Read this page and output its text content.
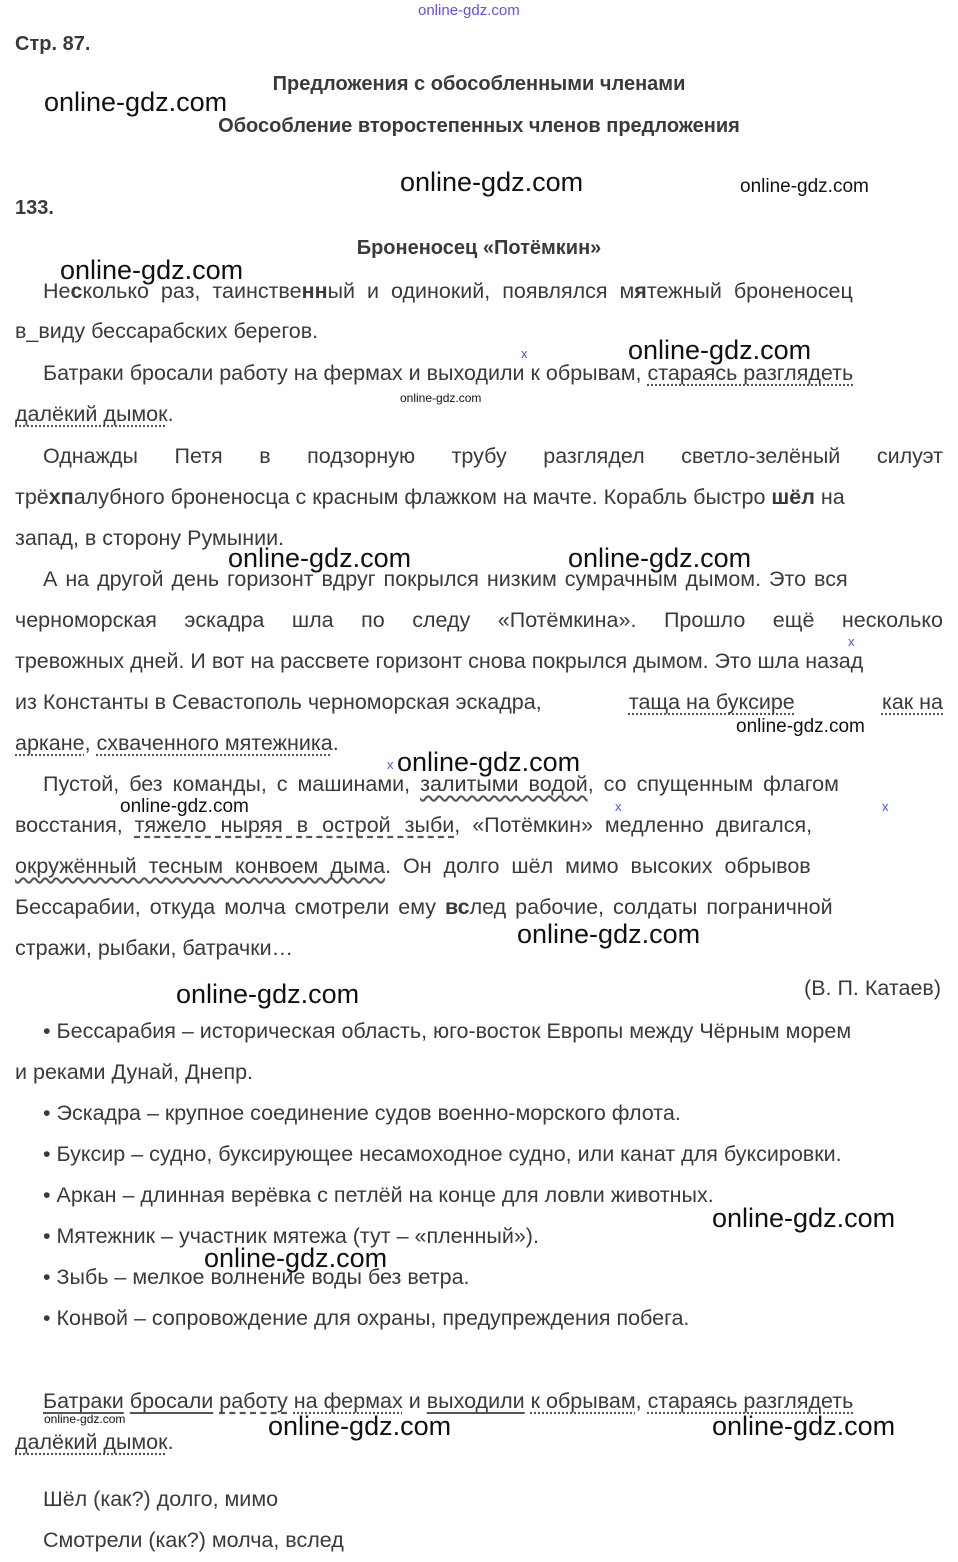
online-gdz.com
Стр. 87.
Предложения с обособленными членами
Обособление второстепенных членов предложения
133.
Броненосец «Потёмкин»
Несколько раз, таинственный и одинокий, появлялся мятежный броненосец
в_виду бессарабских берегов.
x
Батраки бросали работу на фермах и выходили к обрывам, стараясь разглядеть
далёкий дымок.
Однажды Петя в подзорную трубу разглядел светло-зелёный силуэт
трёхпалубного броненосца с красным флажком на мачте. Корабль быстро шёл на
запад, в сторону Румынии.
А на другой день горизонт вдруг покрылся низким сумрачным дымом. Это вся
черноморская эскадра шла по следу «Потёмкина». Прошло ещё несколько
x
тревожных дней. И вот на рассвете горизонт снова покрылся дымом. Это шла назад
из Константы в Севастополь черноморская эскадра,	таща на буксире	как на
аркане, схваченного мятежника.
x
Пустой, без команды, с машинами, залитыми водой, со спущенным флагом
x	x
восстания, тяжело ныряя в острой зыби,  «Потёмкин»  медленно  двигался,
окружённый тесным конвоем дыма.  Он  долго  шёл  мимо  высоких  обрывов
Бессарабии, откуда молча смотрели ему вслед рабочие, солдаты пограничной
стражи, рыбаки, батрачки…
(В. П. Катаев)
• Бессарабия – историческая область, юго-восток Европы между Чёрным морем
и реками Дунай, Днепр.
• Эскадра – крупное соединение судов военно-морского флота.
• Буксир – судно, буксирующее несамоходное судно, или канат для буксировки.
• Аркан – длинная верёвка с петлёй на конце для ловли животных.
• Мятежник – участник мятежа (тут – «пленный»).
• Зыбь – мелкое волнение воды без ветра.
• Конвой – сопровождение для охраны, предупреждения побега.
Батраки бросали работу на фермах и выходили к обрывам, стараясь разглядеть
далёкий дымок.
Шёл (как?) долго, мимо
Смотрели (как?) молча, вслед
online-gdz.com
online-gdz.com	online-gdz.com
online-gdz.com
online-gdz.com
online-gdz.com
online-gdz.com	online-gdz.com
online-gdz.com
online-gdz.com
online-gdz.com
online-gdz.com
online-gdz.com
online-gdz.com
online-gdz.com
online-gdz.com	online-gdz.com	online-gdz.com
